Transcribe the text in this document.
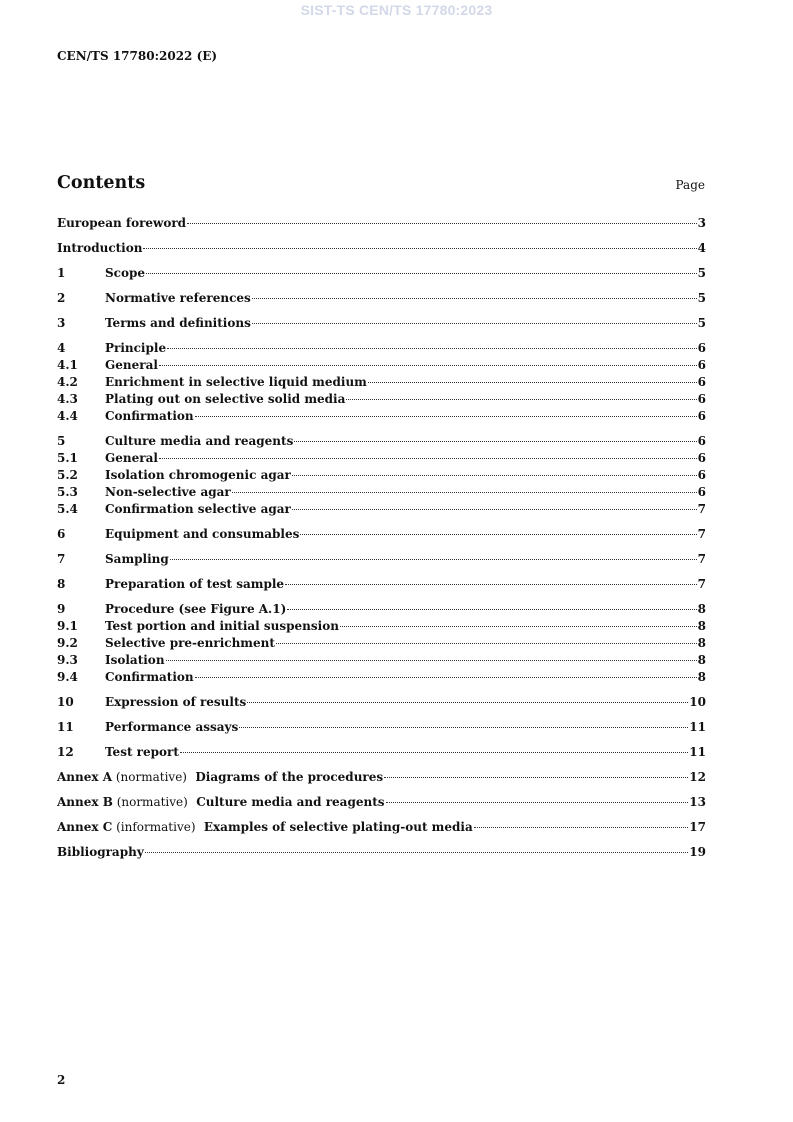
SIST-TS CEN/TS 17780:2023
CEN/TS 17780:2022 (E)
Contents	Page
European foreword	3
Introduction	4
1	Scope	5
2	Normative references	5
3	Terms and definitions	5
4	Principle	6
4.1	General	6
4.2	Enrichment in selective liquid medium	6
4.3	Plating out on selective solid media	6
4.4	Confirmation	6
5	Culture media and reagents	6
5.1	General	6
5.2	Isolation chromogenic agar	6
5.3	Non-selective agar	6
5.4	Confirmation selective agar	7
6	Equipment and consumables	7
7	Sampling	7
8	Preparation of test sample	7
9	Procedure (see Figure A.1)	8
9.1	Test portion and initial suspension	8
9.2	Selective pre-enrichment	8
9.3	Isolation	8
9.4	Confirmation	8
10	Expression of results	10
11	Performance assays	11
12	Test report	11
Annex A (normative) Diagrams of the procedures	12
Annex B (normative) Culture media and reagents	13
Annex C (informative) Examples of selective plating-out media	17
Bibliography	19
2
